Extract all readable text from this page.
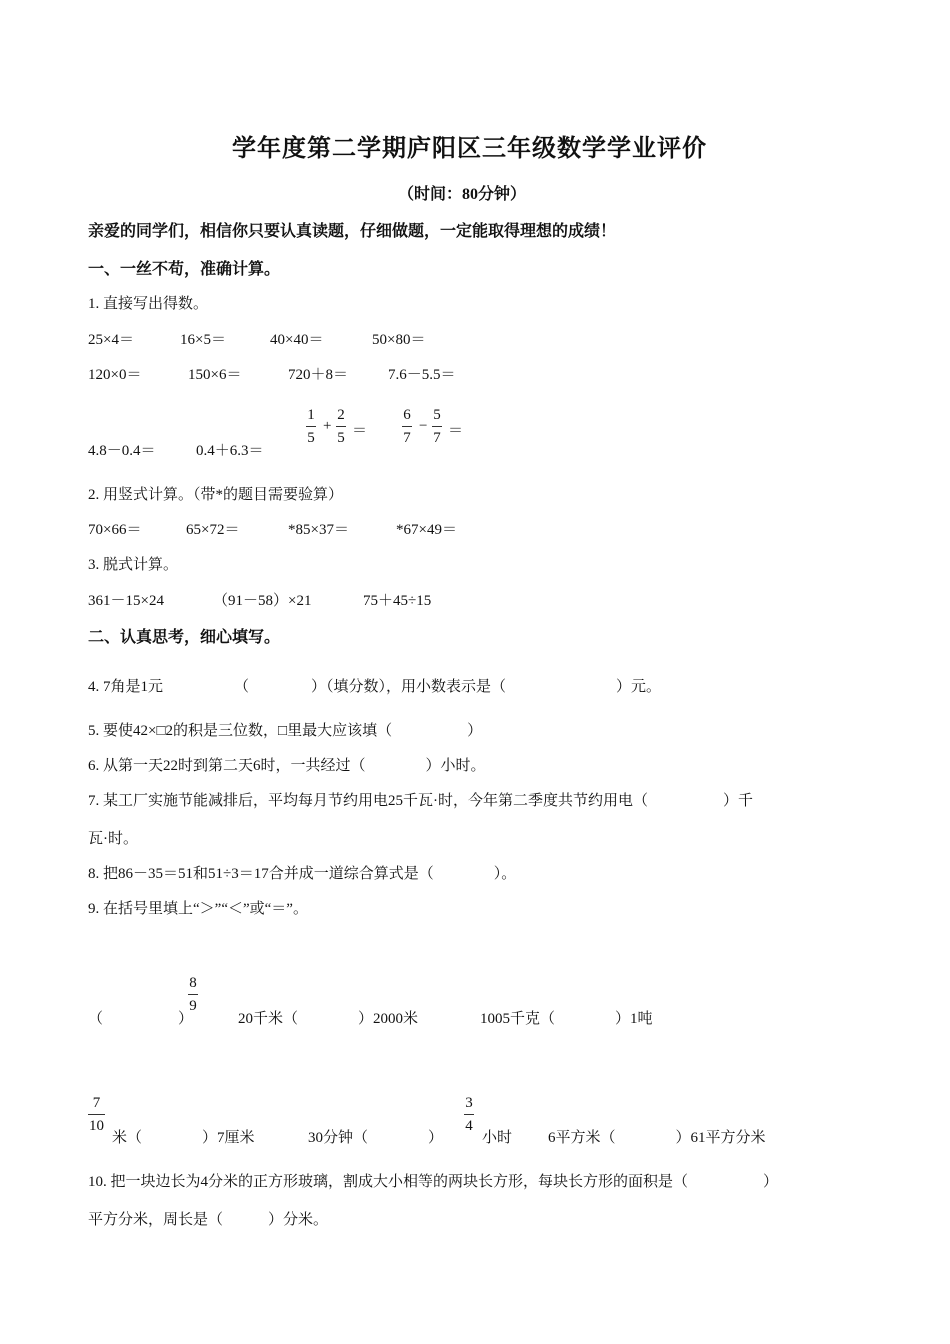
学年度第二学期庐阳区三年级数学学业评价
（时间：80分钟）
亲爱的同学们，相信你只要认真读题，仔细做题，一定能取得理想的成绩！
一、一丝不苟，准确计算。
1. 直接写出得数。
25×4＝	16×5＝	40×40＝	50×80＝
120×0＝	150×6＝	720＋8＝	7.6－5.5＝
4.8－0.4＝	0.4＋6.3＝
1
5
+
2
5 ＝
6
7
−
5
7 ＝
2. 用竖式计算。（带*的题目需要验算）
70×66＝	65×72＝	*85×37＝	*67×49＝
3. 脱式计算。
361－15×24	（91－58）×21	75＋45÷15
二、认真思考，细心填写。
4. 7角是1元	（	）（填分数），用小数表示是（	）元。
5. 要使42×□2的积是三位数，□里最大应该填（　　　　　）
6. 从第一天22时到第二天6时，一共经过（　　　　）小时。
7. 某工厂实施节能减排后，平均每月节约用电25千瓦·时，今年第二季度共节约用电（　　　　　）千
瓦·时。
8. 把86－35＝51和51÷3＝17合并成一道综合算式是（　　　　）。
9. 在括号里填上“＞”“＜”或“＝”。
（　　　　　）
8
9
20千米（　　　　）2000米	1005千克（　　　　）1吨
7
10
米（　　　　）7厘米	30分钟（　　　　）
3
4
小时 6平方米（　　　　）61平方分米
10. 把一块边长为4分米的正方形玻璃，割成大小相等的两块长方形，每块长方形的面积是（　　　　　）
平方分米，周长是（　　　）分米。
